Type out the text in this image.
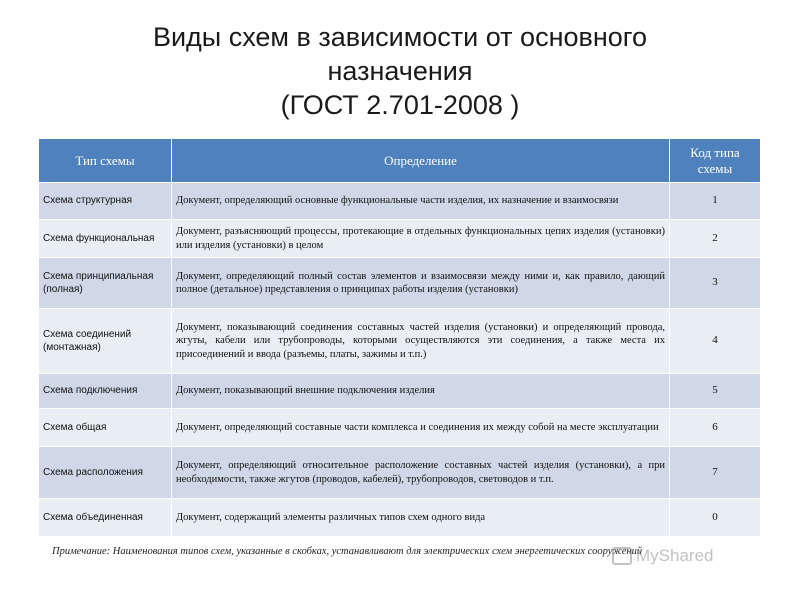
Виды схем в зависимости от основного
назначения
(ГОСТ 2.701-2008 )
Тип схемы	Определение	Код типа схемы
Схема структурная	Документ, определяющий основные функциональные части изделия, их назначение и взаимосвязи	1
Схема функциональная	Документ, разъясняющий процессы, протекающие в отдельных функциональных цепях изделия (установки) или изделия (установки) в целом	2
Схема принципиальная (полная)	Документ, определяющий полный состав элементов и взаимосвязи между ними и, как правило, дающий полное (детальное) представления о принципах работы изделия (установки)	3
Схема соединений (монтажная)	Документ, показывающий соединения составных частей изделия (установки) и определяющий провода, жгуты, кабели или трубопроводы, которыми осуществляются эти соединения, а также места их присоединений и ввода (разъемы, платы, зажимы и т.п.)	4
Схема подключения	Документ, показывающий внешние подключения изделия	5
Схема общая	Документ, определяющий составные части комплекса и соединения их между собой на месте эксплуатации	6
Схема расположения	Документ, определяющий относительное расположение составных частей изделия (установки), а при необходимости, также жгутов (проводов, кабелей), трубопроводов, световодов и т.п.	7
Схема объединенная	Документ, содержащий элементы различных типов схем одного вида	0
Примечание: Наименования типов схем, указанные в скобках, устанавливают для электрических схем энергетических сооружений
MyShared
